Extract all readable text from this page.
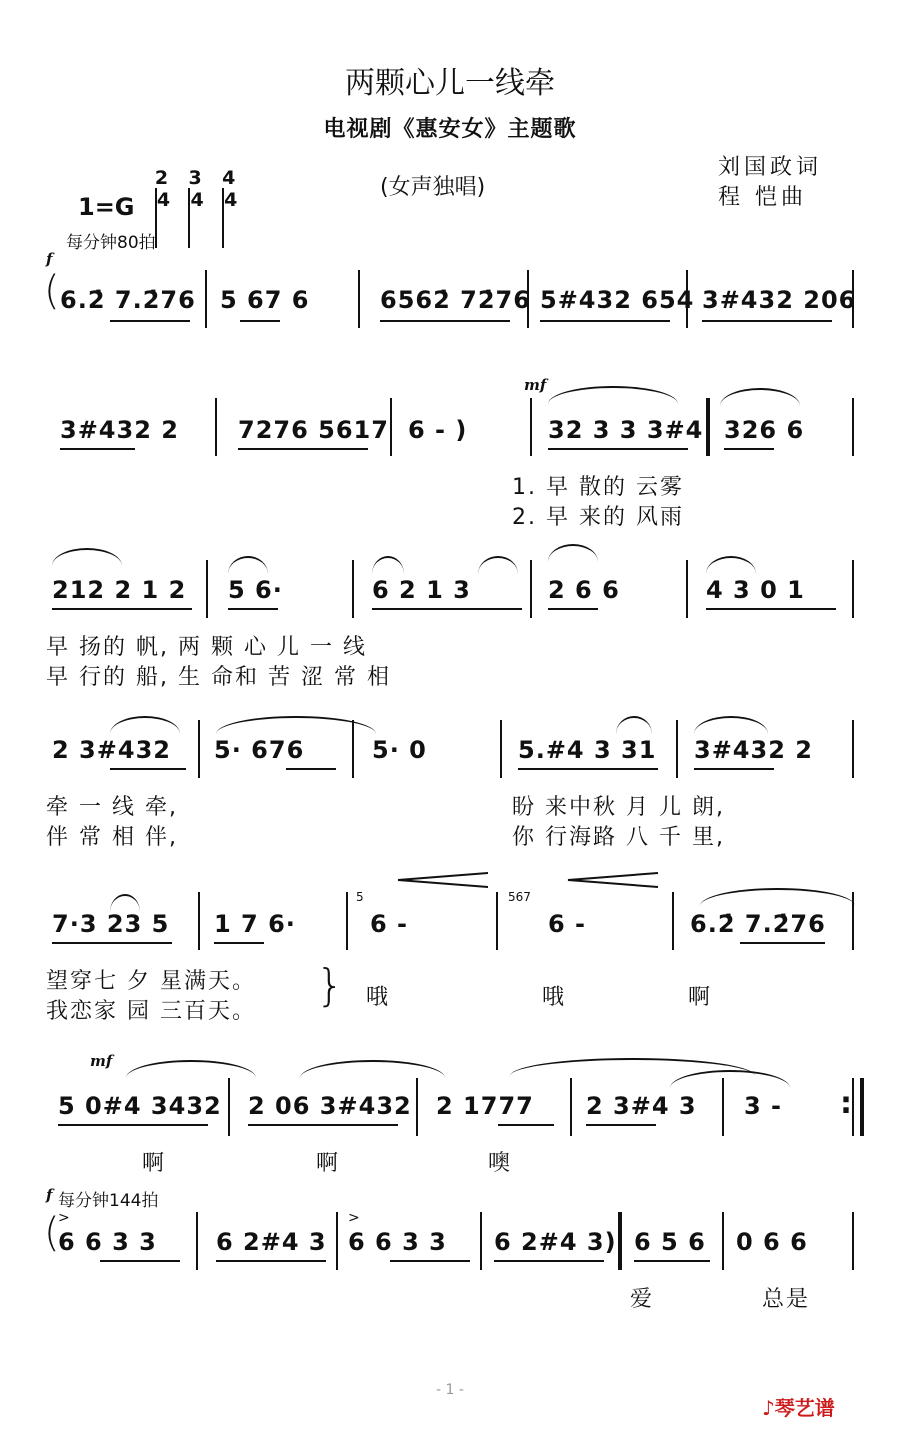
两颗心儿一线牵
电视剧《惠安女》主题歌
$1=G \frac{2}{4}$
$\frac{3}{4}$
$\frac{4}{4}$	(女声独唱)
刘国政词
程 恺曲
每分钟80拍
f
( 6.2̇ 7.2̇76 5 67 6	6562̇ 72̇76 5#432 654 3#432 206
mf
3#432 2 7276 5617 6 - )	32 3 3 3#4 326 6
1. 早 散的 云雾
2. 早 来的 风雨
212 2 1 2 5 6·	6 2 1 3	2 6 6	4 3 0 1
早 扬的 帆, 两 颗 心 儿 一 线
早 行的 船, 生 命和 苦 涩 常 相
2 3#432 5· 676	5· 0	5.#4 3 31 3#432 2
牵 一 线 牵,	盼 来中秋 月 儿 朗,
伴 常 相 伴,	你 行海路 八 千 里,
7·3 23 5 1 7 6·
5
6 -
567
6 -	6.2̇ 7.2̇76
望穿七 夕 星满天。
我恋家 园 三百天。
} 哦	哦	啊
mf
5 0#4 3432 2 06 3#432 2 1777 2 3#4 3 3 - :
啊	啊	噢
f 每分钟144拍
>	>
(
6 6 3 3 6 2#4 3 6 6 3 3 6 2#4 3) 6 5 6 0 6 6
爱	总是
- 1 -
♪琴艺谱
